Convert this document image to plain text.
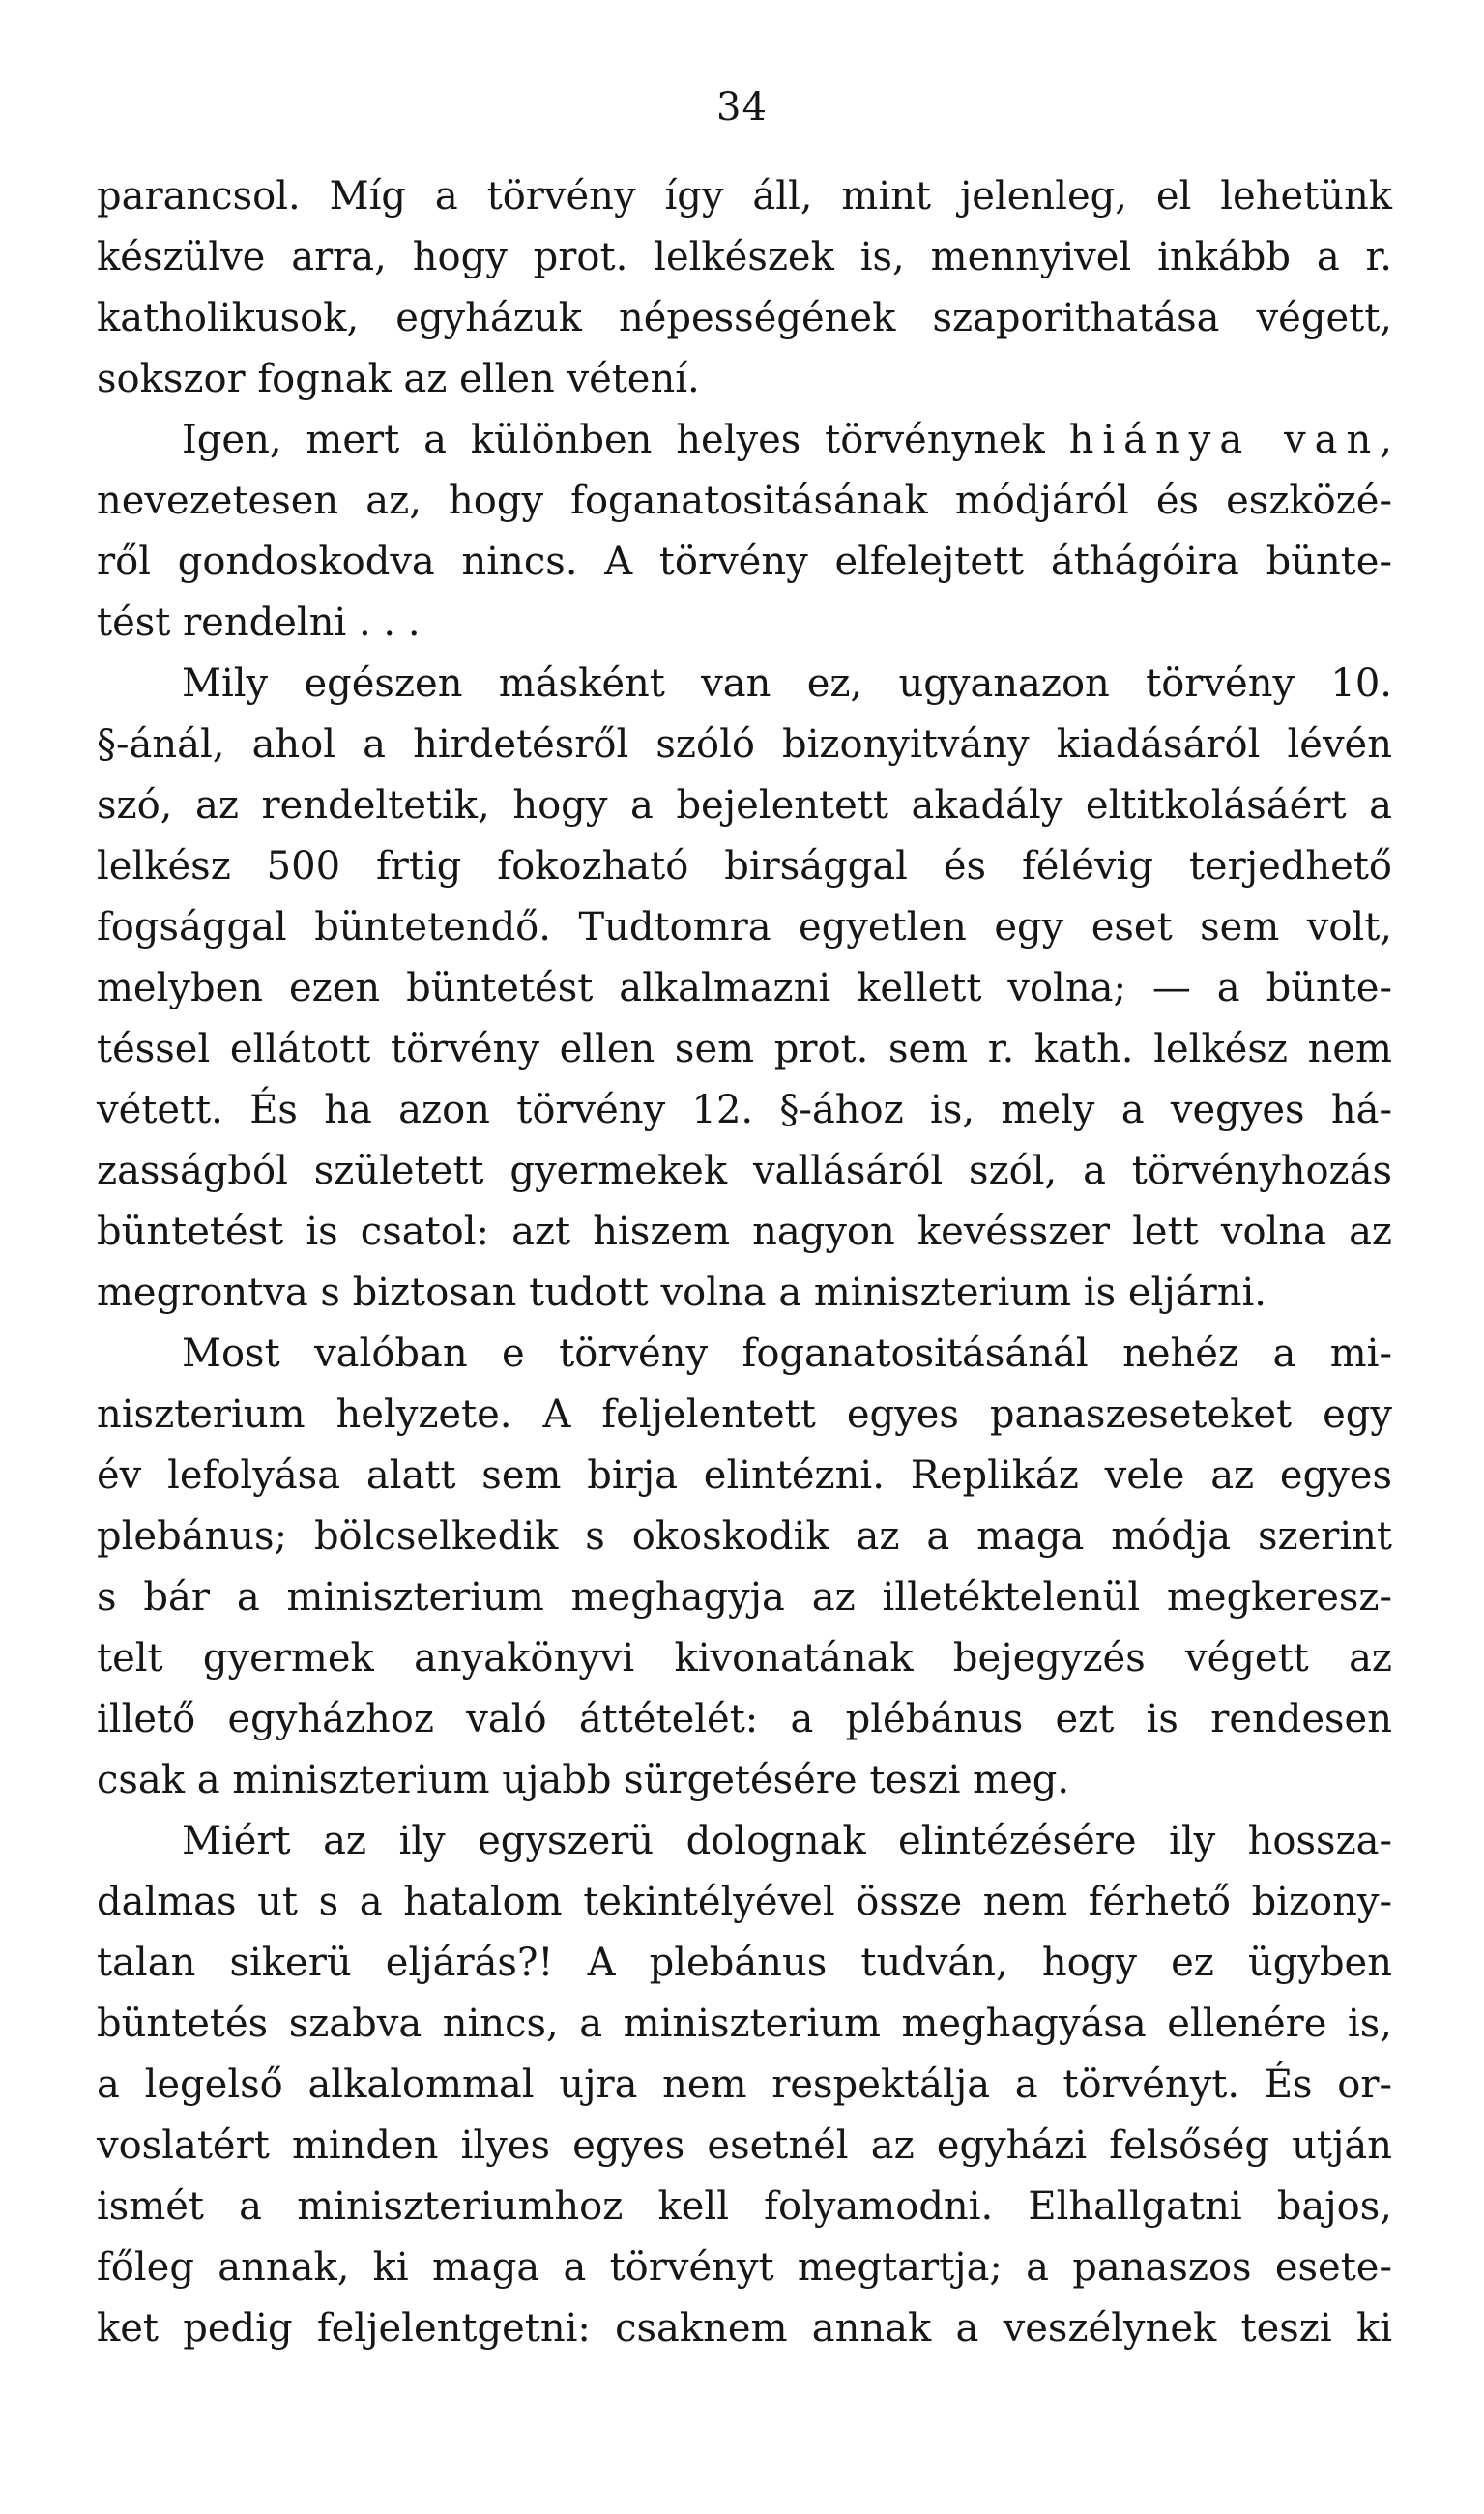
34
parancsol. Míg a törvény így áll, mint jelenleg, el lehetünk
készülve arra, hogy prot. lelkészek is, mennyivel inkább a r.
katholikusok, egyházuk népességének szaporithatása végett,
sokszor fognak az ellen vétení.
Igen, mert a különben helyes törvénynek hiánya van,
nevezetesen az, hogy foganatositásának módjáról és eszközé-
ről gondoskodva nincs. A törvény elfelejtett áthágóira bünte-
tést rendelni . . .
Mily egészen másként van ez, ugyanazon törvény 10.
§-ánál, ahol a hirdetésről szóló bizonyitvány kiadásáról lévén
szó, az rendeltetik, hogy a bejelentett akadály eltitkolásáért a
lelkész 500 frtig fokozható birsággal és félévig terjedhető
fogsággal büntetendő. Tudtomra egyetlen egy eset sem volt,
melyben ezen büntetést alkalmazni kellett volna; — a bünte-
téssel ellátott törvény ellen sem prot. sem r. kath. lelkész nem
vétett. És ha azon törvény 12. §-ához is, mely a vegyes há-
zasságból született gyermekek vallásáról szól, a törvényhozás
büntetést is csatol: azt hiszem nagyon kevésszer lett volna az
megrontva s biztosan tudott volna a miniszterium is eljárni.
Most valóban e törvény foganatositásánál nehéz a mi-
niszterium helyzete. A feljelentett egyes panaszeseteket egy
év lefolyása alatt sem birja elintézni. Replikáz vele az egyes
plebánus; bölcselkedik s okoskodik az a maga módja szerint
s bár a miniszterium meghagyja az illetéktelenül megkeresz-
telt gyermek anyakönyvi kivonatának bejegyzés végett az
illető egyházhoz való áttételét: a plébánus ezt is rendesen
csak a miniszterium ujabb sürgetésére teszi meg.
Miért az ily egyszerü dolognak elintézésére ily hossza-
dalmas ut s a hatalom tekintélyével össze nem férhető bizony-
talan sikerü eljárás?! A plebánus tudván, hogy ez ügyben
büntetés szabva nincs, a miniszterium meghagyása ellenére is,
a legelső alkalommal ujra nem respektálja a törvényt. És or-
voslatért minden ilyes egyes esetnél az egyházi felsőség utján
ismét a miniszteriumhoz kell folyamodni. Elhallgatni bajos,
főleg annak, ki maga a törvényt megtartja; a panaszos esete-
ket pedig feljelentgetni: csaknem annak a veszélynek teszi ki
